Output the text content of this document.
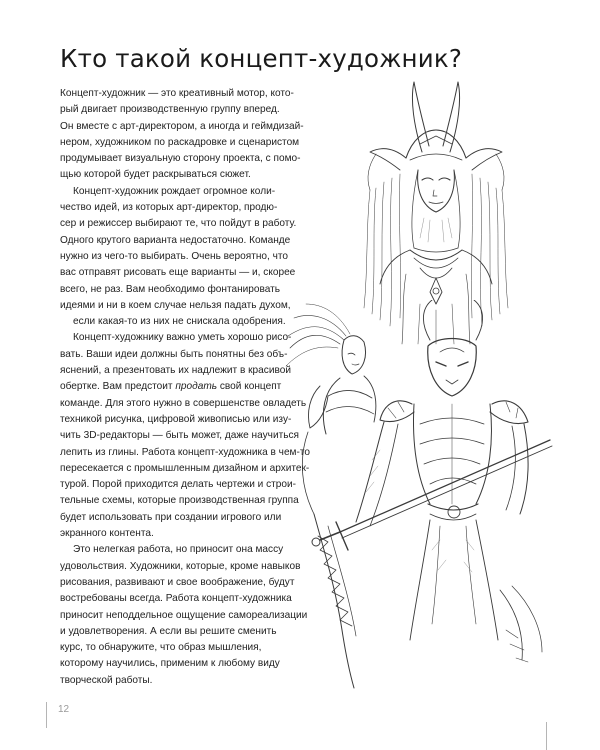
Кто такой концепт-художник?

Концепт-художник — это креативный мотор, кото-
рый двигает производственную группу вперед.
Он вместе с арт-директором, а иногда и геймдизай-
нером, художником по раскадровке и сценаристом
продумывает визуальную сторону проекта, с помо-
щью которой будет раскрываться сюжет.

Концепт-художник рождает огромное коли-
чество идей, из которых арт-директор, продю-
сер и режиссер выбирают те, что пойдут в работу.
Одного крутого варианта недостаточно. Команде
нужно из чего-то выбирать. Очень вероятно, что
вас отправят рисовать еще варианты — и, скорее
всего, не раз. Вам необходимо фонтанировать
идеями и ни в коем случае нельзя падать духом,
если какая-то из них не снискала одобрения.

Концепт-художнику важно уметь хорошо рисо-
вать. Ваши идеи должны быть понятны без объ-
яснений, а презентовать их надлежит в красивой
обертке. Вам предстоит продать свой концепт
команде. Для этого нужно в совершенстве овладеть
техникой рисунка, цифровой живописью или изу-
чить 3D-редакторы — быть может, даже научиться
лепить из глины. Работа концепт-художника в чем-то
пересекается с промышленным дизайном и архитек-
турой. Порой приходится делать чертежи и строи-
тельные схемы, которые производственная группа
будет использовать при создании игрового или
экранного контента.

Это нелегкая работа, но приносит она массу
удовольствия. Художники, которые, кроме навыков
рисования, развивают и свое воображение, будут
востребованы всегда. Работа концепт-художника
приносит неподдельное ощущение самореализации
и удовлетворения. А если вы решите сменить
курс, то обнаружите, что образ мышления,
которому научились, применим к любому виду
творческой работы.

12
